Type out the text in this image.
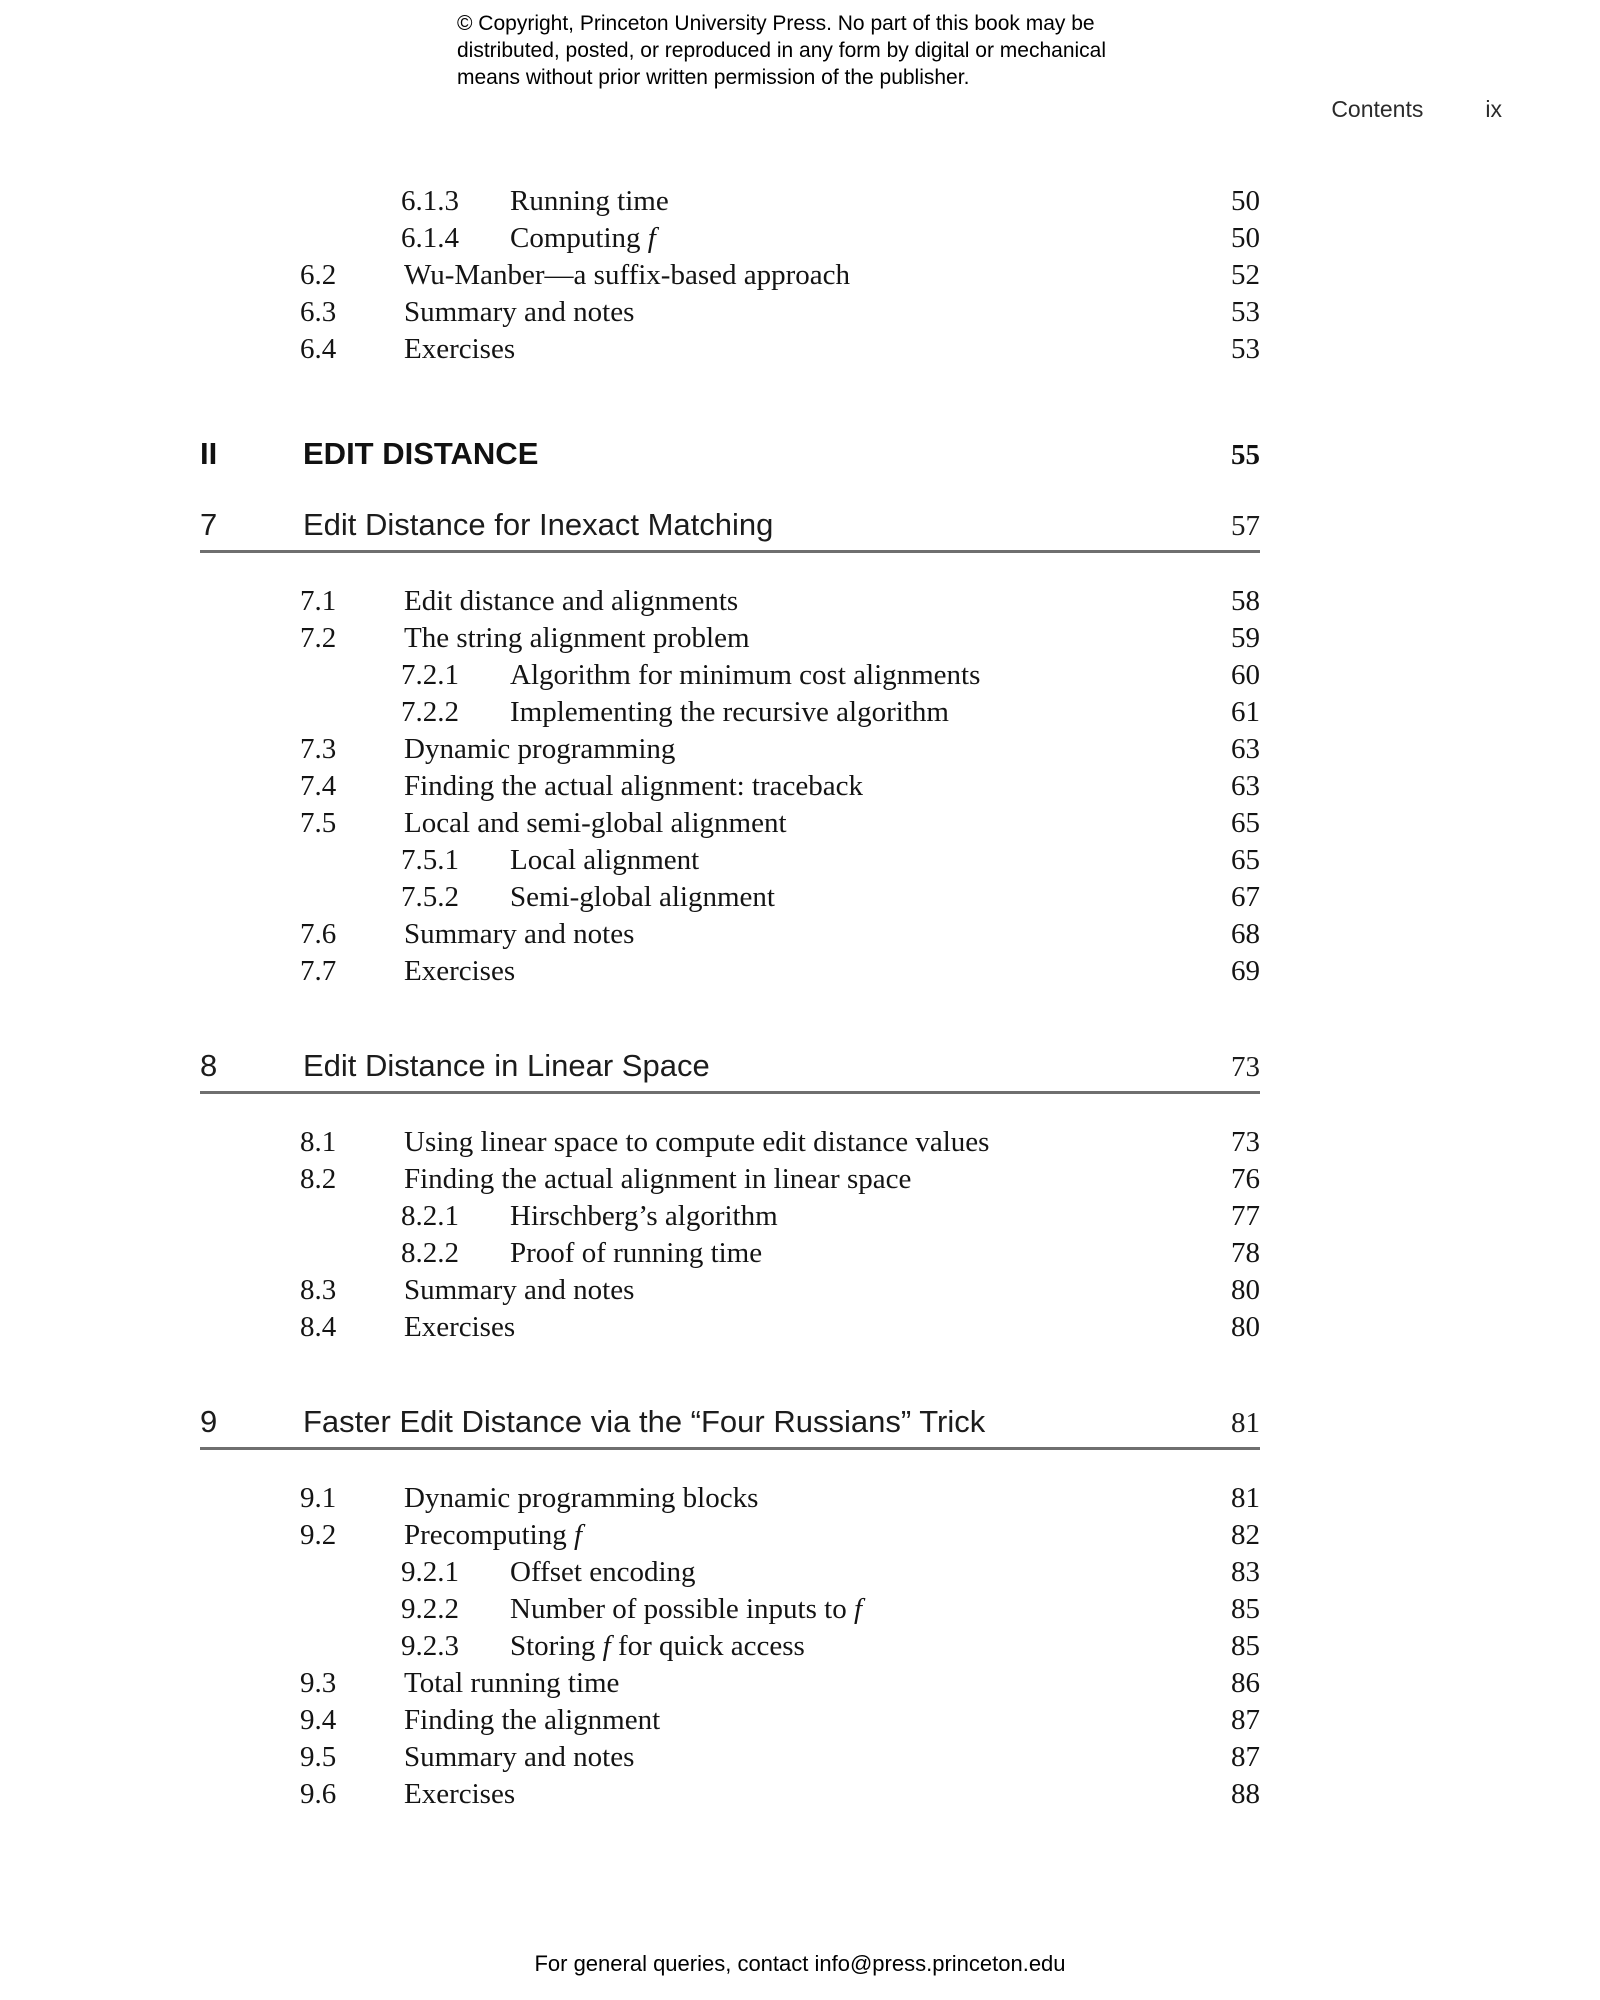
© Copyright, Princeton University Press. No part of this book may be
distributed, posted, or reproduced in any form by digital or mechanical
means without prior written permission of the publisher.
Contents	ix
6.1.3	Running time	50
6.1.4	Computing f	50
6.2	Wu-Manber—a suffix-based approach	52
6.3	Summary and notes	53
6.4	Exercises	53
II	EDIT DISTANCE	55
7	Edit Distance for Inexact Matching	57
7.1	Edit distance and alignments	58
7.2	The string alignment problem	59
7.2.1	Algorithm for minimum cost alignments	60
7.2.2	Implementing the recursive algorithm	61
7.3	Dynamic programming	63
7.4	Finding the actual alignment: traceback	63
7.5	Local and semi-global alignment	65
7.5.1	Local alignment	65
7.5.2	Semi-global alignment	67
7.6	Summary and notes	68
7.7	Exercises	69
8	Edit Distance in Linear Space	73
8.1	Using linear space to compute edit distance values	73
8.2	Finding the actual alignment in linear space	76
8.2.1	Hirschberg’s algorithm	77
8.2.2	Proof of running time	78
8.3	Summary and notes	80
8.4	Exercises	80
9	Faster Edit Distance via the “Four Russians” Trick	81
9.1	Dynamic programming blocks	81
9.2	Precomputing f	82
9.2.1	Offset encoding	83
9.2.2	Number of possible inputs to f	85
9.2.3	Storing f for quick access	85
9.3	Total running time	86
9.4	Finding the alignment	87
9.5	Summary and notes	87
9.6	Exercises	88
For general queries, contact info@press.princeton.edu
